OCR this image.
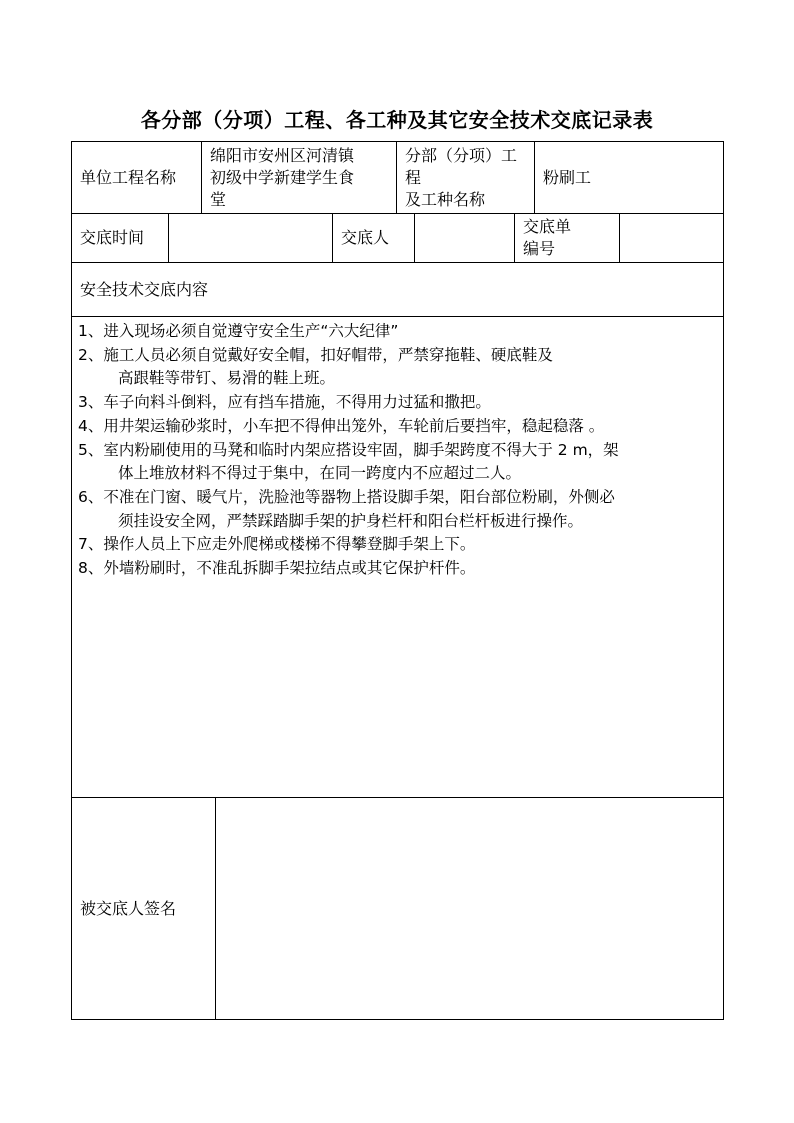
各分部（分项）工程、各工种及其它安全技术交底记录表
单位工程名称
绵阳市安州区河清镇
初级中学新建学生食
堂
分部（分项）工
程
及工种名称
粉刷工
交底时间	交底人
交底单
编号
安全技术交底内容
1、进入现场必须自觉遵守安全生产“六大纪律”
2、施工人员必须自觉戴好安全帽，扣好帽带，严禁穿拖鞋、硬底鞋及
高跟鞋等带钉、易滑的鞋上班。
3、车子向料斗倒料，应有挡车措施，不得用力过猛和撒把。
4、用井架运输砂浆时，小车把不得伸出笼外，车轮前后要挡牢，稳起稳落 。
5、室内粉刷使用的马凳和临时内架应搭设牢固，脚手架跨度不得大于 2 m，架
体上堆放材料不得过于集中，在同一跨度内不应超过二人。
6、不准在门窗、暖气片，洗脸池等器物上搭设脚手架，阳台部位粉刷，外侧必
须挂设安全网，严禁踩踏脚手架的护身栏杆和阳台栏杆板进行操作。
7、操作人员上下应走外爬梯或楼梯不得攀登脚手架上下。
8、外墙粉刷时，不准乱拆脚手架拉结点或其它保护杆件。
被交底人签名
